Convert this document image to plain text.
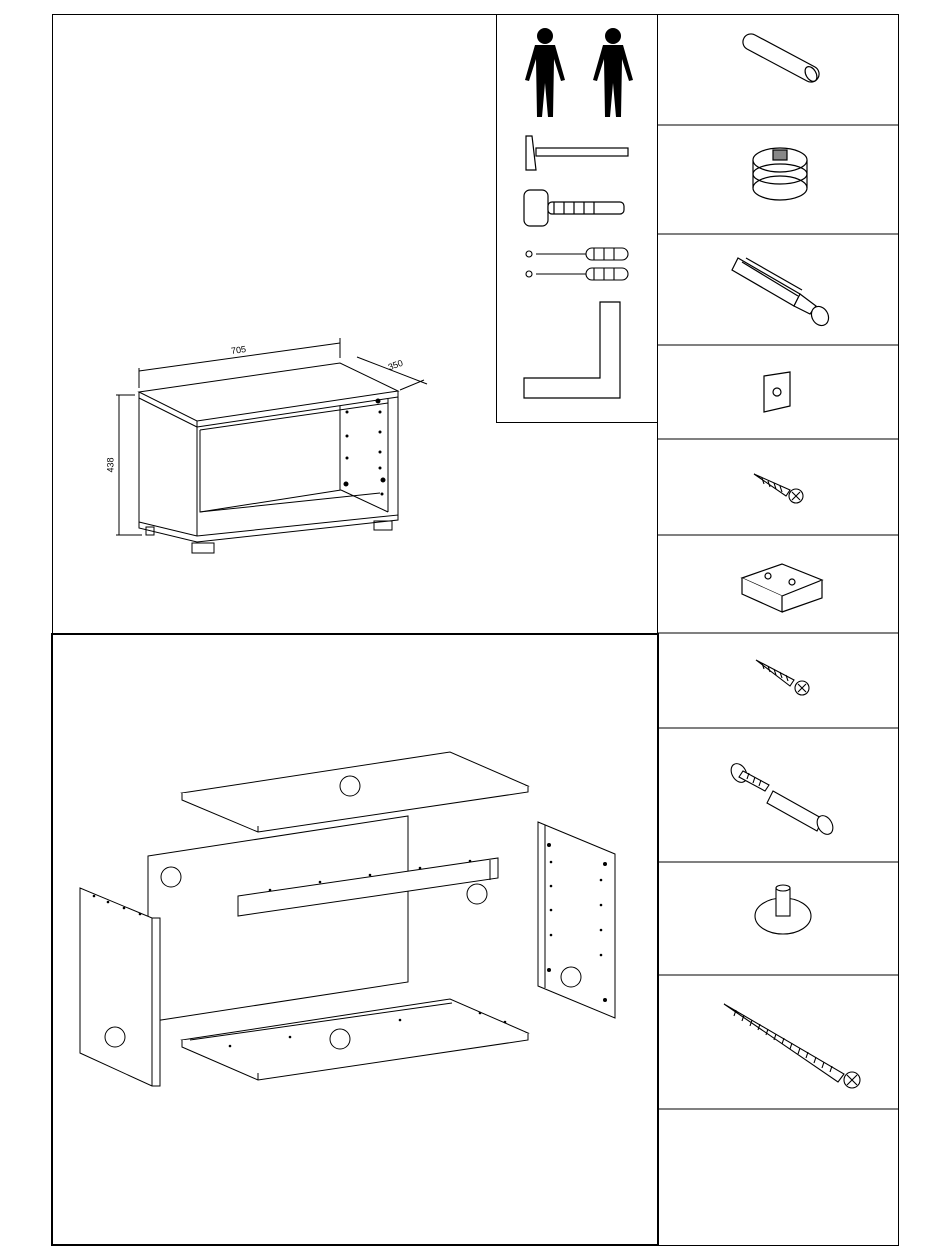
705
350
438
